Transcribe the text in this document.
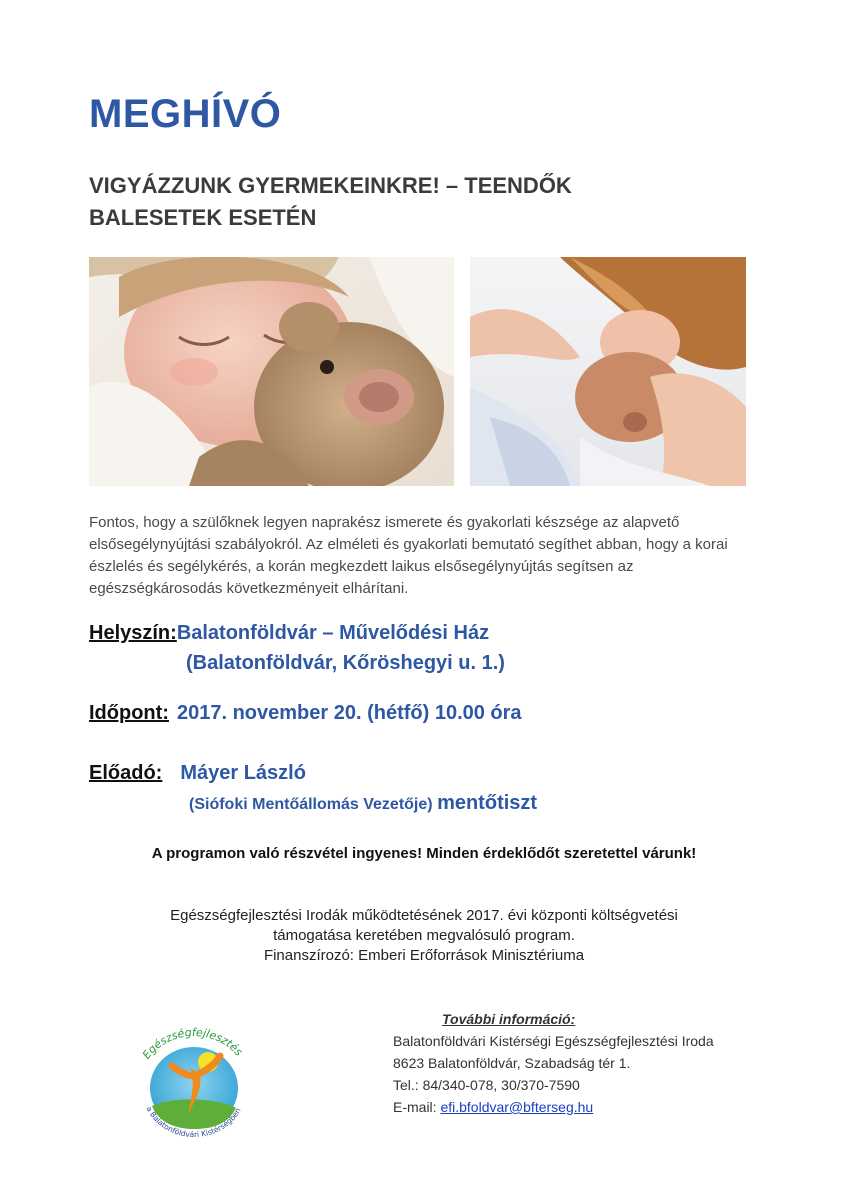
MEGHÍVÓ
VIGYÁZZUNK GYERMEKEINKRE! – TEENDŐK
BALESETEK ESETÉN
Fontos, hogy a szülőknek legyen naprakész ismerete és gyakorlati készsége az alapvető elsősegélynyújtási szabályokról. Az elméleti és gyakorlati bemutató segíthet abban, hogy a korai észlelés és segélykérés, a korán megkezdett laikus elsősegélynyújtás segítsen az egészségkárosodás következményeit elhárítani.
Helyszín:Balatonföldvár – Művelődési Ház
(Balatonföldvár, Kőröshegyi u. 1.)
Időpont: 2017. november 20. (hétfő) 10.00 óra
Előadó: Máyer László
(Siófoki Mentőállomás Vezetője) mentőtiszt
A programon való részvétel ingyenes! Minden érdeklődőt szeretettel várunk!
Egészségfejlesztési Irodák működtetésének 2017. évi központi költségvetési
támogatása keretében megvalósuló program.
Finanszírozó: Emberi Erőforrások Minisztériuma
Egészségfejlesztés
a Balatonföldvári Kistérségben
További információ:
Balatonföldvári Kistérségi Egészségfejlesztési Iroda
8623 Balatonföldvár, Szabadság tér 1.
Tel.: 84/340-078, 30/370-7590
E-mail: efi.bfoldvar@bfterseg.hu
